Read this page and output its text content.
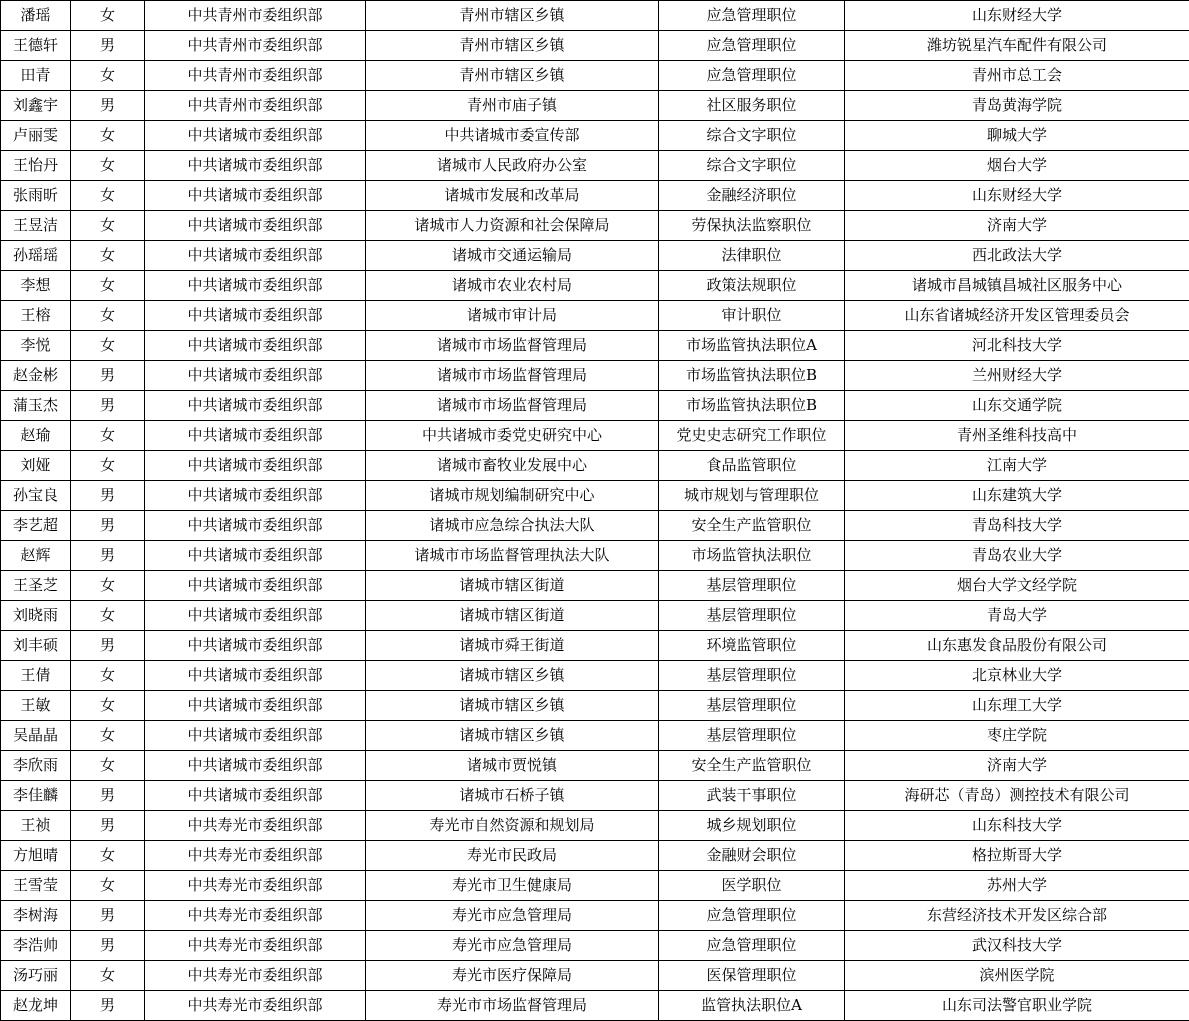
潘瑶	女	中共青州市委组织部	青州市辖区乡镇	应急管理职位	山东财经大学
王德轩	男	中共青州市委组织部	青州市辖区乡镇	应急管理职位	潍坊锐星汽车配件有限公司
田青	女	中共青州市委组织部	青州市辖区乡镇	应急管理职位	青州市总工会
刘鑫宇	男	中共青州市委组织部	青州市庙子镇	社区服务职位	青岛黄海学院
卢丽雯	女	中共诸城市委组织部	中共诸城市委宣传部	综合文字职位	聊城大学
王怡丹	女	中共诸城市委组织部	诸城市人民政府办公室	综合文字职位	烟台大学
张雨昕	女	中共诸城市委组织部	诸城市发展和改革局	金融经济职位	山东财经大学
王昱洁	女	中共诸城市委组织部	诸城市人力资源和社会保障局	劳保执法监察职位	济南大学
孙瑶瑶	女	中共诸城市委组织部	诸城市交通运输局	法律职位	西北政法大学
李想	女	中共诸城市委组织部	诸城市农业农村局	政策法规职位	诸城市昌城镇昌城社区服务中心
王榕	女	中共诸城市委组织部	诸城市审计局	审计职位	山东省诸城经济开发区管理委员会
李悦	女	中共诸城市委组织部	诸城市市场监督管理局	市场监管执法职位A	河北科技大学
赵金彬	男	中共诸城市委组织部	诸城市市场监督管理局	市场监管执法职位B	兰州财经大学
蒲玉杰	男	中共诸城市委组织部	诸城市市场监督管理局	市场监管执法职位B	山东交通学院
赵瑜	女	中共诸城市委组织部	中共诸城市委党史研究中心	党史史志研究工作职位	青州圣维科技高中
刘娅	女	中共诸城市委组织部	诸城市畜牧业发展中心	食品监管职位	江南大学
孙宝良	男	中共诸城市委组织部	诸城市规划编制研究中心	城市规划与管理职位	山东建筑大学
李艺超	男	中共诸城市委组织部	诸城市应急综合执法大队	安全生产监管职位	青岛科技大学
赵辉	男	中共诸城市委组织部	诸城市市场监督管理执法大队	市场监管执法职位	青岛农业大学
王圣芝	女	中共诸城市委组织部	诸城市辖区街道	基层管理职位	烟台大学文经学院
刘晓雨	女	中共诸城市委组织部	诸城市辖区街道	基层管理职位	青岛大学
刘丰硕	男	中共诸城市委组织部	诸城市舜王街道	环境监管职位	山东惠发食品股份有限公司
王倩	女	中共诸城市委组织部	诸城市辖区乡镇	基层管理职位	北京林业大学
王敏	女	中共诸城市委组织部	诸城市辖区乡镇	基层管理职位	山东理工大学
吴晶晶	女	中共诸城市委组织部	诸城市辖区乡镇	基层管理职位	枣庄学院
李欣雨	女	中共诸城市委组织部	诸城市贾悦镇	安全生产监管职位	济南大学
李佳麟	男	中共诸城市委组织部	诸城市石桥子镇	武装干事职位	海研芯（青岛）测控技术有限公司
王祯	男	中共寿光市委组织部	寿光市自然资源和规划局	城乡规划职位	山东科技大学
方旭晴	女	中共寿光市委组织部	寿光市民政局	金融财会职位	格拉斯哥大学
王雪莹	女	中共寿光市委组织部	寿光市卫生健康局	医学职位	苏州大学
李树海	男	中共寿光市委组织部	寿光市应急管理局	应急管理职位	东营经济技术开发区综合部
李浩帅	男	中共寿光市委组织部	寿光市应急管理局	应急管理职位	武汉科技大学
汤巧丽	女	中共寿光市委组织部	寿光市医疗保障局	医保管理职位	滨州医学院
赵龙坤	男	中共寿光市委组织部	寿光市市场监督管理局	监管执法职位A	山东司法警官职业学院
